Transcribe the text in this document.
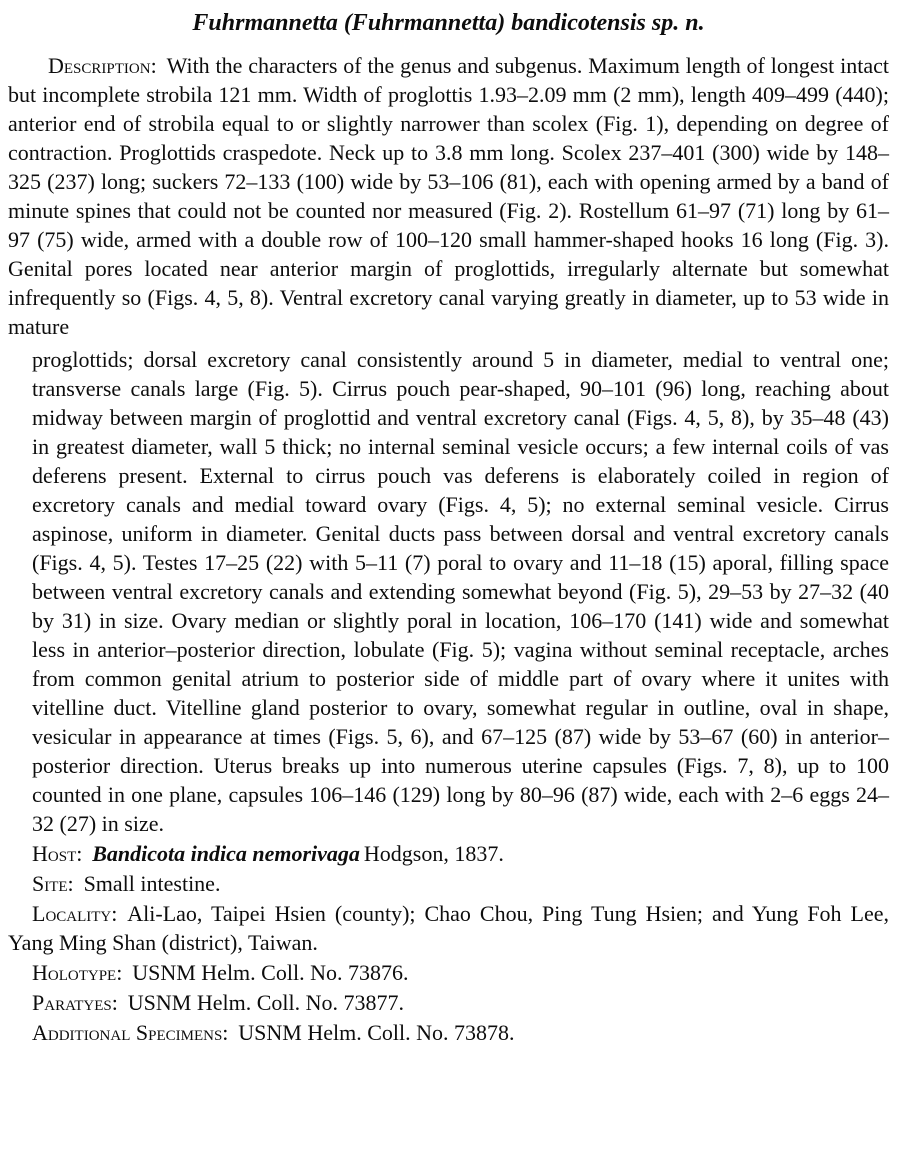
Fuhrmannetta (Fuhrmannetta) bandicotensis sp. n.

Description: With the characters of the genus and subgenus. Maximum length of longest intact but incomplete strobila 121 mm. Width of proglottis 1.93–2.09 mm (2 mm), length 409–499 (440); anterior end of strobila equal to or slightly narrower than scolex (Fig. 1), depending on degree of contraction. Proglottids craspedote. Neck up to 3.8 mm long. Scolex 237–401 (300) wide by 148–325 (237) long; suckers 72–133 (100) wide by 53–106 (81), each with opening armed by a band of minute spines that could not be counted nor measured (Fig. 2). Rostellum 61–97 (71) long by 61–97 (75) wide, armed with a double row of 100–120 small hammer-shaped hooks 16 long (Fig. 3). Genital pores located near anterior margin of proglottids, irregularly alternate but somewhat infrequently so (Figs. 4, 5, 8). Ventral excretory canal varying greatly in diameter, up to 53 wide in mature

proglottids; dorsal excretory canal consistently around 5 in diameter, medial to ventral one; transverse canals large (Fig. 5). Cirrus pouch pear-shaped, 90–101 (96) long, reaching about midway between margin of proglottid and ventral excretory canal (Figs. 4, 5, 8), by 35–48 (43) in greatest diameter, wall 5 thick; no internal seminal vesicle occurs; a few internal coils of vas deferens present. External to cirrus pouch vas deferens is elaborately coiled in region of excretory canals and medial toward ovary (Figs. 4, 5); no external seminal vesicle. Cirrus aspinose, uniform in diameter. Genital ducts pass between dorsal and ventral excretory canals (Figs. 4, 5). Testes 17–25 (22) with 5–11 (7) poral to ovary and 11–18 (15) aporal, filling space between ventral excretory canals and extending somewhat beyond (Fig. 5), 29–53 by 27–32 (40 by 31) in size. Ovary median or slightly poral in location, 106–170 (141) wide and somewhat less in anterior–posterior direction, lobulate (Fig. 5); vagina without seminal receptacle, arches from common genital atrium to posterior side of middle part of ovary where it unites with vitelline duct. Vitelline gland posterior to ovary, somewhat regular in outline, oval in shape, vesicular in appearance at times (Figs. 5, 6), and 67–125 (87) wide by 53–67 (60) in anterior–posterior direction. Uterus breaks up into numerous uterine capsules (Figs. 7, 8), up to 100 counted in one plane, capsules 106–146 (129) long by 80–96 (87) wide, each with 2–6 eggs 24–32 (27) in size.

Host: Bandicota indica nemorivaga Hodgson, 1837.

Site: Small intestine.

Locality: Ali-Lao, Taipei Hsien (county); Chao Chou, Ping Tung Hsien; and Yung Foh Lee, Yang Ming Shan (district), Taiwan.

Holotype: USNM Helm. Coll. No. 73876.

Paratyes: USNM Helm. Coll. No. 73877.

Additional Specimens: USNM Helm. Coll. No. 73878.
